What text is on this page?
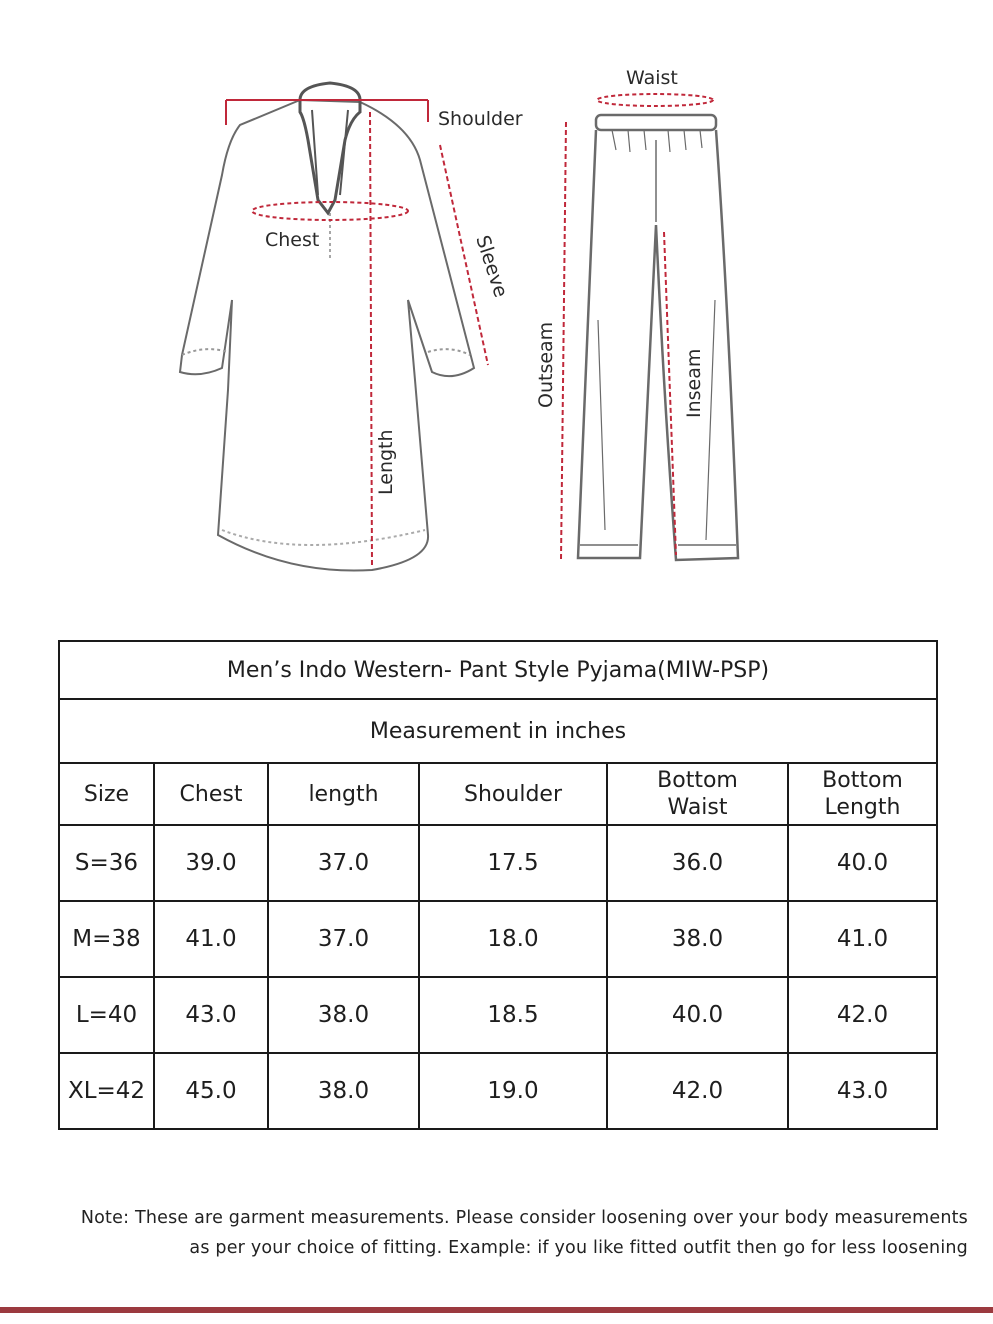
Shoulder
Chest	Sleeve
Length
Waist
Outseam	Inseam
Men’s Indo Western- Pant Style Pyjama(MIW-PSP)					
Measurement in inches					
Size	Chest	length	Shoulder	Bottom Waist	Bottom Length
S=36	39.0	37.0	17.5	36.0	40.0
M=38	41.0	37.0	18.0	38.0	41.0
L=40	43.0	38.0	18.5	40.0	42.0
XL=42	45.0	38.0	19.0	42.0	43.0
Note: These are garment measurements. Please consider loosening over your body measurements
as per your choice of fitting. Example: if you like fitted outfit then go for less loosening
